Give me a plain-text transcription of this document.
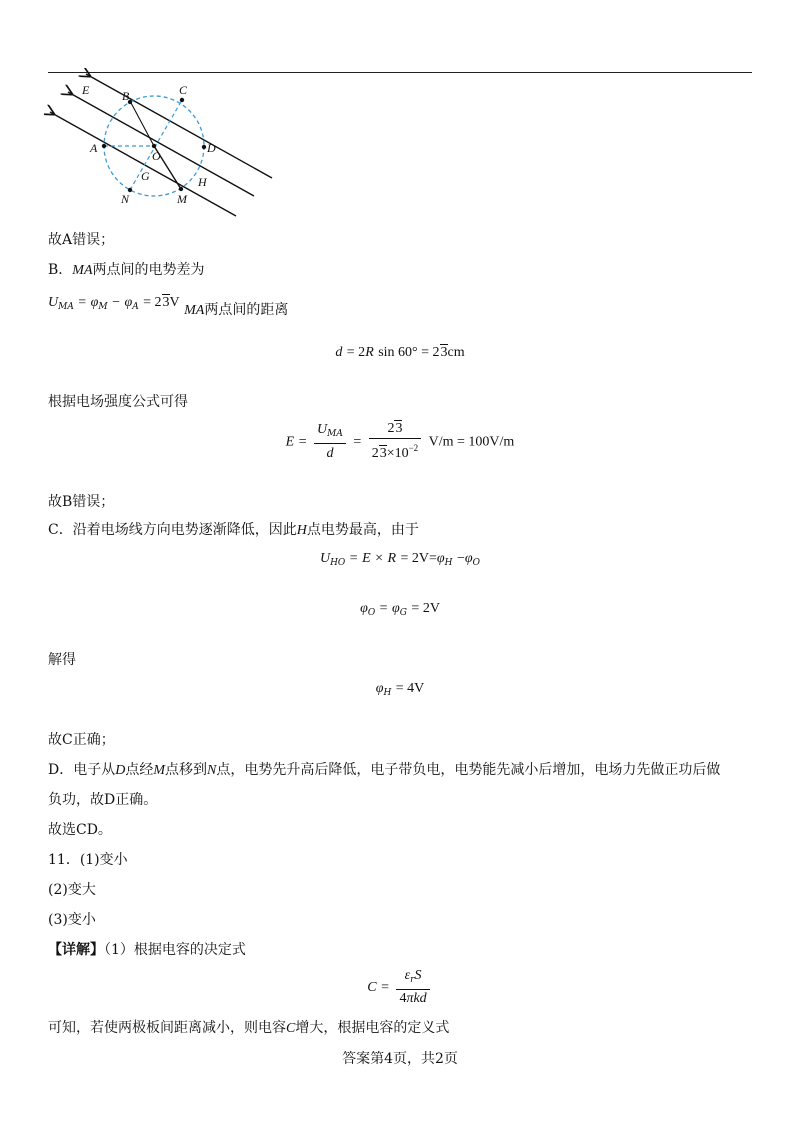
E	B	C
A
O
D
G	H
N	M
故A错误；
B．MA两点间的电势差为
$U_{MA} = \varphi_M - \varphi_A = 23V$ MA两点间的距离
d = 2R sin 60° = 23cm
根据电场强度公式可得
$E = \frac{U_{MA}}{d} = \frac{23}{23\times 10^{-2}} V/m = 100V/m$
故B错误；
C．沿着电场线方向电势逐渐降低，因此H点电势最高，由于
$U_{HO} = E \times R = 2V=\varphi_H -\varphi_O$
$\varphi_O = \varphi_G = 2V$
解得
$\varphi_H = 4V$
故C正确；
D．电子从D点经M点移到N点，电势先升高后降低，电子带负电，电势能先减小后增加，电场力先做正功后做
负功，故D正确。
故选CD。
11．(1)变小
(2)变大
(3)变小
【详解】（1）根据电容的决定式
$C = \frac{\varepsilon_rS}{\text{4πkd}}$
可知，若使两极板间距离减小，则电容C增大，根据电容的定义式
答案第4页，共2页
